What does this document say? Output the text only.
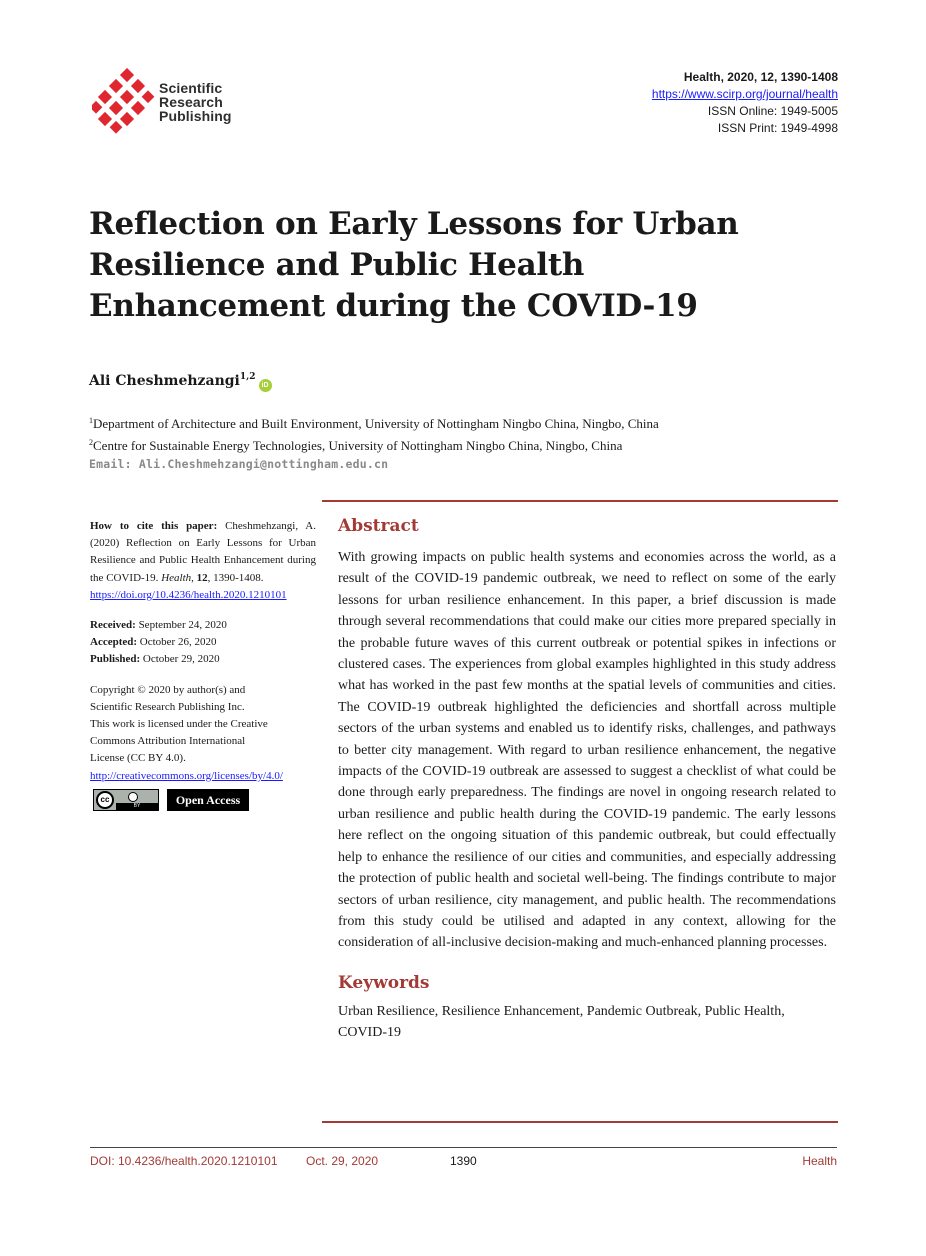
Scientific
Research
Publishing
Health, 2020, 12, 1390-1408
https://www.scirp.org/journal/health
ISSN Online: 1949-5005
ISSN Print: 1949-4998
Reflection on Early Lessons for Urban Resilience and Public Health Enhancement during the COVID-19
Ali Cheshmehzangi$^{1,2}$iD
$^1$Department of Architecture and Built Environment, University of Nottingham Ningbo China, Ningbo, China
$^2$Centre for Sustainable Energy Technologies, University of Nottingham Ningbo China, Ningbo, China
Email: Ali.Cheshmehzangi@nottingham.edu.cn
How to cite this paper: Cheshmehzangi, A. (2020) Reflection on Early Lessons for Urban Resilience and Public Health Enhancement during the COVID-19. Health, 12, 1390-1408.
https://doi.org/10.4236/health.2020.1210101
Received: September 24, 2020
Accepted: October 26, 2020
Published: October 29, 2020
Copyright © 2020 by author(s) and
Scientific Research Publishing Inc.
This work is licensed under the Creative
Commons Attribution International
License (CC BY 4.0).
http://creativecommons.org/licenses/by/4.0/
cc
BY	Open Access
Abstract
With growing impacts on public health systems and economies across the world, as a result of the COVID-19 pandemic outbreak, we need to reflect on some of the early lessons for urban resilience enhancement. In this paper, a brief discussion is made through several recommendations that could make our cities more prepared specially in the probable future waves of this current outbreak or potential spikes in infections or clustered cases. The experiences from global examples highlighted in this study address what has worked in the past few months at the spatial levels of communities and cities. The COVID-19 outbreak highlighted the deficiencies and shortfall across multiple sectors of the urban systems and enabled us to identify risks, challenges, and pathways to better city management. With regard to urban resilience enhancement, the negative impacts of the COVID-19 outbreak are assessed to suggest a checklist of what could be done through early preparedness. The findings are novel in ongoing research related to urban resilience and public health during the COVID-19 pandemic. The early lessons here reflect on the ongoing situation of this pandemic outbreak, but could effectually help to enhance the resilience of our cities and communities, and especially addressing the protection of public health and societal well-being. The findings contribute to major sectors of urban resilience, city management, and public health. The recommendations from this study could be utilised and adapted in any context, allowing for the consideration of all-inclusive decision-making and much-enhanced planning processes.
Keywords
Urban Resilience, Resilience Enhancement, Pandemic Outbreak, Public Health, COVID-19
DOI: 10.4236/health.2020.1210101 Oct. 29, 2020	1390	Health
